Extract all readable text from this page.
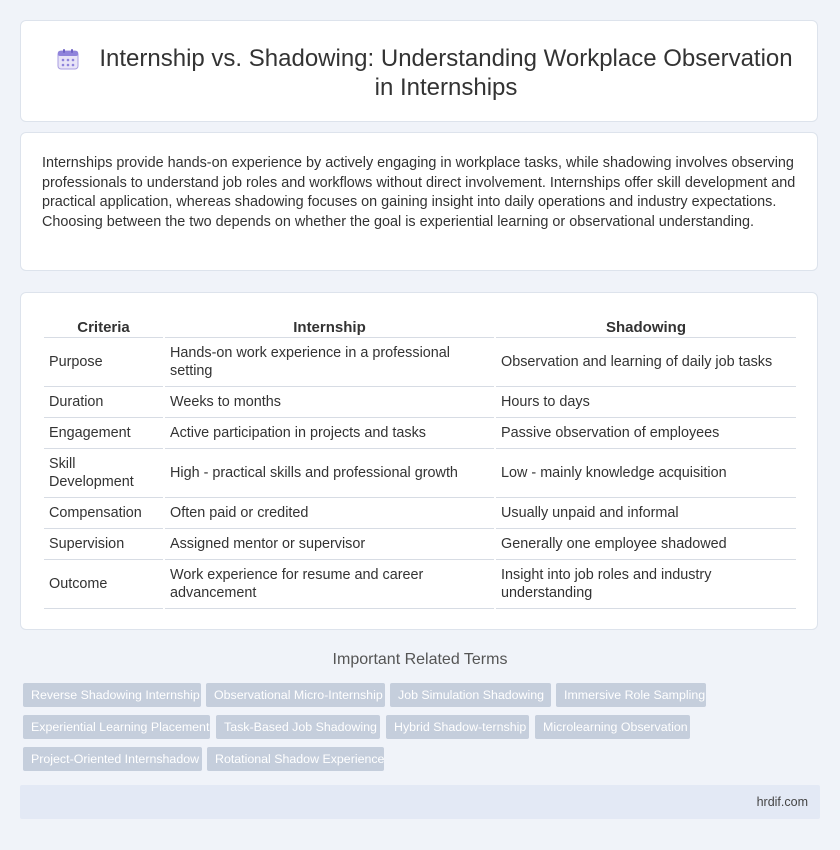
Internship vs. Shadowing: Understanding Workplace Observation in Internships

Internships provide hands-on experience by actively engaging in workplace tasks, while shadowing involves observing professionals to understand job roles and workflows without direct involvement. Internships offer skill development and practical application, whereas shadowing focuses on gaining insight into daily operations and industry expectations. Choosing between the two depends on whether the goal is experiential learning or observational understanding.

Criteria	Internship	Shadowing
Purpose	Hands-on work experience in a professional setting	Observation and learning of daily job tasks
Duration	Weeks to months	Hours to days
Engagement	Active participation in projects and tasks	Passive observation of employees
Skill Development	High - practical skills and professional growth	Low - mainly knowledge acquisition
Compensation	Often paid or credited	Usually unpaid and informal
Supervision	Assigned mentor or supervisor	Generally one employee shadowed
Outcome	Work experience for resume and career advancement	Insight into job roles and industry understanding
Important Related Terms
Reverse Shadowing Internship	Observational Micro-Internship	Job Simulation Shadowing	Immersive Role Sampling
Experiential Learning Placement	Task-Based Job Shadowing	Hybrid Shadow-ternship	Microlearning Observation
Project-Oriented Internshadow	Rotational Shadow Experience
hrdif.com
